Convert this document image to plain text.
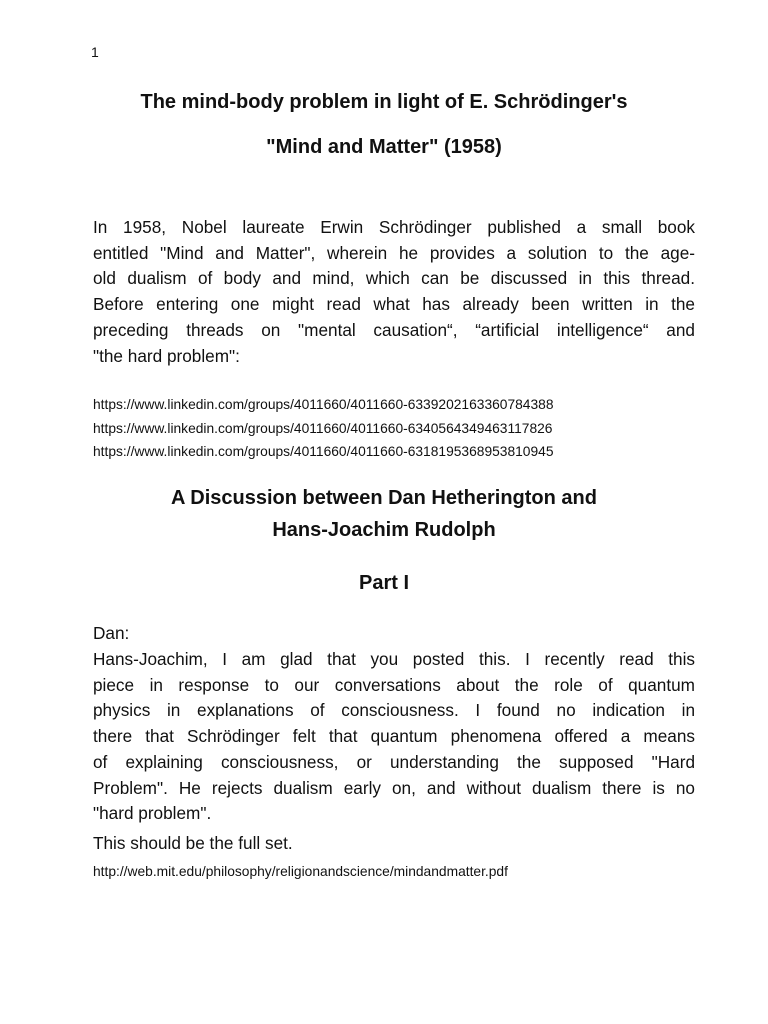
1
The mind-body problem in light of E. Schrödinger's
"Mind and Matter" (1958)
In 1958, Nobel laureate Erwin Schrödinger published a small book
entitled "Mind and Matter", wherein he provides a solution to the age-
old dualism of body and mind, which can be discussed in this thread.
Before entering one might read what has already been written in the
preceding threads on "mental causation“, “artificial intelligence“ and
"the hard problem":
https://www.linkedin.com/groups/4011660/4011660-6339202163360784388
https://www.linkedin.com/groups/4011660/4011660-6340564349463117826
https://www.linkedin.com/groups/4011660/4011660-6318195368953810945
A Discussion between Dan Hetherington and
Hans-Joachim Rudolph
Part I
Dan:
Hans-Joachim, I am glad that you posted this. I recently read this
piece in response to our conversations about the role of quantum
physics in explanations of consciousness. I found no indication in
there that Schrödinger felt that quantum phenomena offered a means
of explaining consciousness, or understanding the supposed "Hard
Problem". He rejects dualism early on, and without dualism there is no
"hard problem".
This should be the full set.
http://web.mit.edu/philosophy/religionandscience/mindandmatter.pdf
